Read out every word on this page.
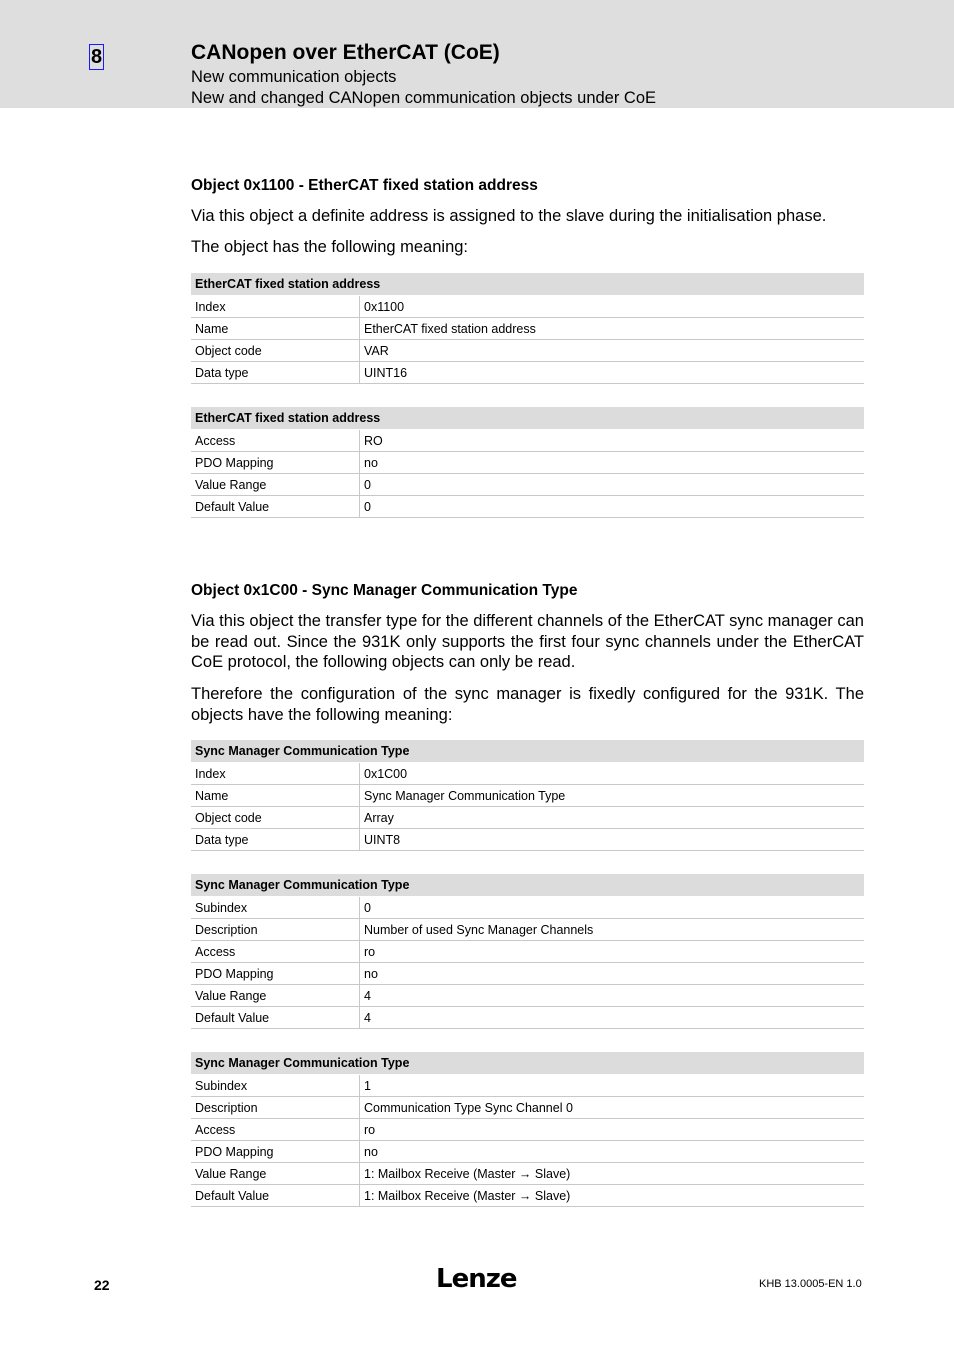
8	CANopen over EtherCAT (CoE)
New communication objects
New and changed CANopen communication objects under CoE
Object 0x1100 - EtherCAT fixed station address

Via this object a definite address is assigned to the slave during the initialisation phase.

The object has the following meaning:

EtherCAT fixed station address	
Index	0x1100
Name	EtherCAT fixed station address
Object code	VAR
Data type	UINT16
EtherCAT fixed station address	
Access	RO
PDO Mapping	no
Value Range	0
Default Value	0
Object 0x1C00 - Sync Manager Communication Type

Via this object the transfer type for the different channels of the EtherCAT sync manager can be read out. Since the 931K only supports the first four sync channels under the EtherCAT CoE protocol, the following objects can only be read.

Therefore the configuration of the sync manager is fixedly configured for the 931K. The objects have the following meaning:

Sync Manager Communication Type	
Index	0x1C00
Name	Sync Manager Communication Type
Object code	Array
Data type	UINT8
Sync Manager Communication Type	
Subindex	0
Description	Number of used Sync Manager Channels
Access	ro
PDO Mapping	no
Value Range	4
Default Value	4
Sync Manager Communication Type	
Subindex	1
Description	Communication Type Sync Channel 0
Access	ro
PDO Mapping	no
Value Range	1: Mailbox Receive (Master → Slave)
Default Value	1: Mailbox Receive (Master → Slave)
22	Lenze	KHB 13.0005-EN 1.0
